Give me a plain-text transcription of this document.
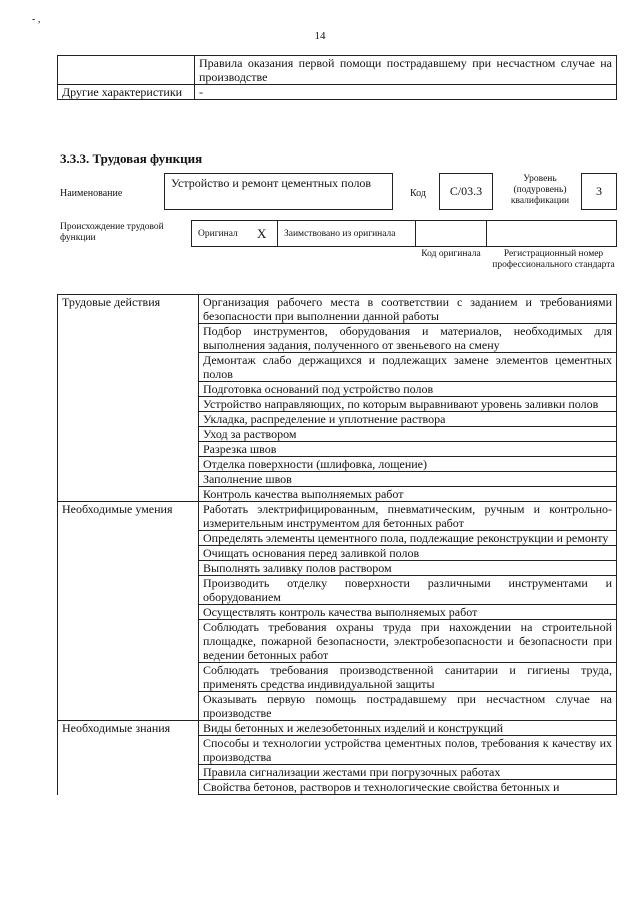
- ,
14
	Правила оказания первой помощи пострадавшему при несчастном случае на производстве
Другие характеристики	-
3.3.3. Трудовая функция
Наименование
Устройство и ремонт цементных полов
Код	С/03.3
Уровень (подуровень) квалификации
3
Происхождение трудовой функции	Оригинал X Заимствовано из оригинала
Код оригинала	Регистрационный номер профессионального стандарта
Трудовые действия	Организация рабочего места в соответствии с заданием и требованиями безопасности при выполнении данной работы
	Подбор инструментов, оборудования и материалов, необходимых для выполнения задания, полученного от звеньевого на смену
	Демонтаж слабо держащихся и подлежащих замене элементов цементных полов
	Подготовка оснований под устройство полов
	Устройство направляющих, по которым выравнивают уровень заливки полов
	Укладка, распределение и уплотнение раствора
	Уход за раствором
	Разрезка швов
	Отделка поверхности (шлифовка, лощение)
	Заполнение швов
	Контроль качества выполняемых работ
Необходимые умения	Работать электрифицированным, пневматическим, ручным и контрольно-измерительным инструментом для бетонных работ
	Определять элементы цементного пола, подлежащие реконструкции и ремонту
	Очищать основания перед заливкой полов
	Выполнять заливку полов раствором
	Производить отделку поверхности различными инструментами и оборудованием
	Осуществлять контроль качества выполняемых работ
	Соблюдать требования охраны труда при нахождении на строительной площадке, пожарной безопасности, электробезопасности и безопасности при ведении бетонных работ
	Соблюдать требования производственной санитарии и гигиены труда, применять средства индивидуальной защиты
	Оказывать первую помощь пострадавшему при несчастном случае на производстве
Необходимые знания	Виды бетонных и железобетонных изделий и конструкций
	Способы и технологии устройства цементных полов, требования к качеству их производства
	Правила сигнализации жестами при погрузочных работах
	Свойства бетонов, растворов и технологические свойства бетонных и
